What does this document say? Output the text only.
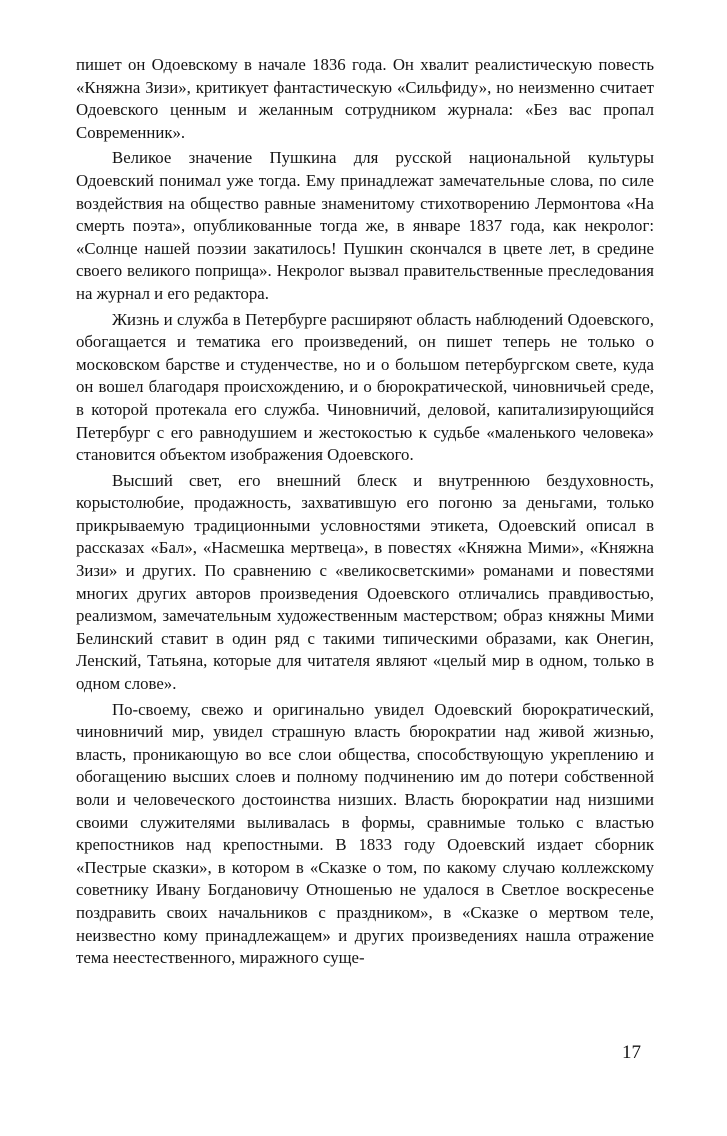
пишет он Одоевскому в начале 1836 года. Он хвалит реалистическую повесть «Княжна Зизи», критикует фантастическую «Сильфиду», но неизменно считает Одоевского ценным и желанным сотрудником журнала: «Без вас пропал Современник».

Великое значение Пушкина для русской национальной культуры Одоевский понимал уже тогда. Ему принадлежат замечательные слова, по силе воздействия на общество равные знаменитому стихотворению Лермонтова «На смерть поэта», опубликованные тогда же, в январе 1837 года, как некролог: «Солнце нашей поэзии закатилось! Пушкин скончался в цвете лет, в средине своего великого поприща». Некролог вызвал правительственные преследования на журнал и его редактора.

Жизнь и служба в Петербурге расширяют область наблюдений Одоевского, обогащается и тематика его произведений, он пишет теперь не только о московском барстве и студенчестве, но и о большом петербургском свете, куда он вошел благодаря происхождению, и о бюрократической, чиновничьей среде, в которой протекала его служба. Чиновничий, деловой, капитализирующийся Петербург с его равнодушием и жестокостью к судьбе «маленького человека» становится объектом изображения Одоевского.

Высший свет, его внешний блеск и внутреннюю бездуховность, корыстолюбие, продажность, захватившую его погоню за деньгами, только прикрываемую традиционными условностями этикета, Одоевский описал в рассказах «Бал», «Насмешка мертвеца», в повестях «Княжна Мими», «Княжна Зизи» и других. По сравнению с «великосветскими» романами и повестями многих других авторов произведения Одоевского отличались правдивостью, реализмом, замечательным художественным мастерством; образ княжны Мими Белинский ставит в один ряд с такими типическими образами, как Онегин, Ленский, Татьяна, которые для читателя являют «целый мир в одном, только в одном слове».

По-своему, свежо и оригинально увидел Одоевский бюрократический, чиновничий мир, увидел страшную власть бюрократии над живой жизнью, власть, проникающую во все слои общества, способствующую укреплению и обогащению высших слоев и полному подчинению им до потери собственной воли и человеческого достоинства низших. Власть бюрократии над низшими своими служителями выливалась в формы, сравнимые только с властью крепостников над крепостными. В 1833 году Одоевский издает сборник «Пестрые сказки», в котором в «Сказке о том, по какому случаю коллежскому советнику Ивану Богдановичу Отношенью не удалося в Светлое воскресенье поздравить своих начальников с праздником», в «Сказке о мертвом теле, неизвестно кому принадлежащем» и других произведениях нашла отражение тема неестественного, миражного суще-

17
